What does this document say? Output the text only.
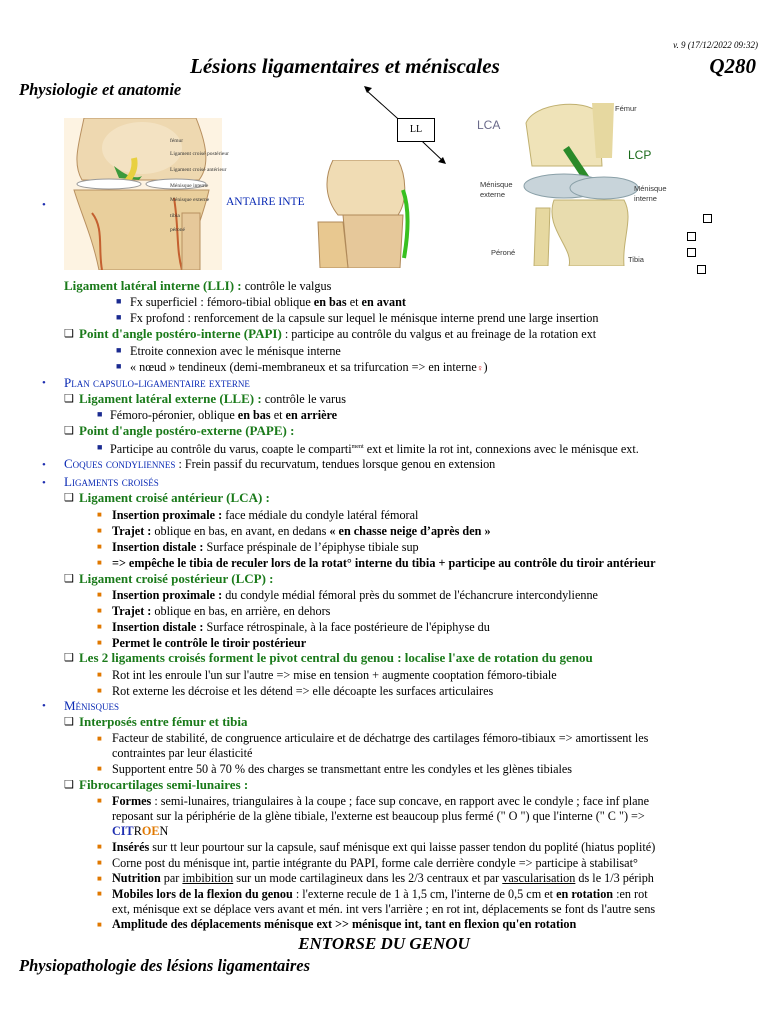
v. 9 (17/12/2022 09:32)
Lésions ligamentaires et méniscales	Q280
Physiologie et anatomie
fémur
Ligament croisé postérieur
Ligament croisé antérieur
Ménisque interne
Ménisque externe
tibia
péroné
LL	LCA
Fémur
LCP
Ménisque externe
Ménisque interne
Péroné
Tibia
•	ANTAIRE INTE
Ligament latéral interne (LLI) : contrôle le valgus
■ Fx superficiel : fémoro-tibial oblique en bas et en avant
■ Fx profond : renforcement de la capsule sur lequel le ménisque interne prend une large insertion
❑ Point d'angle postéro-interne (PAPI) : participe au contrôle du valgus et au freinage de la rotation ext
■ Etroite connexion avec le ménisque interne
■ « nœud » tendineux (demi-membraneux et sa trifurcation => en interne♀)
• Plan capsulo-ligamentaire externe
❑ Ligament latéral externe (LLE) : contrôle le varus
■ Fémoro-péronier, oblique en bas et en arrière
❑ Point d'angle postéro-externe (PAPE) :
■ Participe au contrôle du varus, coapte le comparti$^{ment}$ ext et limite la rot int, connexions avec le ménisque ext.
• Coques condyliennes : Frein passif du recurvatum, tendues lorsque genou en extension
• Ligaments croisés
❑ Ligament croisé antérieur (LCA) :
■ Insertion proximale : face médiale du condyle latéral fémoral
■ Trajet : oblique en bas, en avant, en dedans « en chasse neige d’après den »
■ Insertion distale : Surface préspinale de l’épiphyse tibiale sup
■ => empêche le tibia de reculer lors de la rotat° interne du tibia + participe au contrôle du tiroir antérieur
❑ Ligament croisé postérieur (LCP) :
■ Insertion proximale : du condyle médial fémoral près du sommet de l'échancrure intercondylienne
■ Trajet : oblique en bas, en arrière, en dehors
■ Insertion distale : Surface rétrospinale, à la face postérieure de l'épiphyse du
■ Permet le contrôle le tiroir postérieur
❑ Les 2 ligaments croisés forment le pivot central du genou : localise l'axe de rotation du genou
■ Rot int les enroule l'un sur l'autre => mise en tension + augmente cooptation fémoro-tibiale
■ Rot externe les décroise et les détend => elle décoapte les surfaces articulaires
• Ménisques
❑ Interposés entre fémur et tibia
■ Facteur de stabilité, de congruence articulaire et de déchatrge des cartilages fémoro-tibiaux => amortissent les
contraintes par leur élasticité
■ Supportent entre 50 à 70 % des charges se transmettant entre les condyles et les glènes tibiales
❑ Fibrocartilages semi-lunaires :
■ Formes : semi-lunaires, triangulaires à la coupe ; face sup concave, en rapport avec le condyle ; face inf plane
reposant sur la périphérie de la glène tibiale, l'externe est beaucoup plus fermé (" O ") que l'interne (" C ") =>
CITROEN
■ Insérés sur tt leur pourtour sur la capsule, sauf ménisque ext qui laisse passer tendon du poplité (hiatus poplité)
■ Corne post du ménisque int, partie intégrante du PAPI, forme cale derrière condyle => participe à stabilisat°
■ Nutrition par imbibition sur un mode cartilagineux dans les 2/3 centraux et par vascularisation ds le 1/3 périph
■ Mobiles lors de la flexion du genou : l'externe recule de 1 à 1,5 cm, l'interne de 0,5 cm et en rotation :en rot
ext, ménisque ext se déplace vers avant et mén. int vers l'arrière ; en rot int, déplacements se font ds l'autre sens
■ Amplitude des déplacements ménisque ext >> ménisque int, tant en flexion qu'en rotation
ENTORSE DU GENOU
Physiopathologie des lésions ligamentaires
